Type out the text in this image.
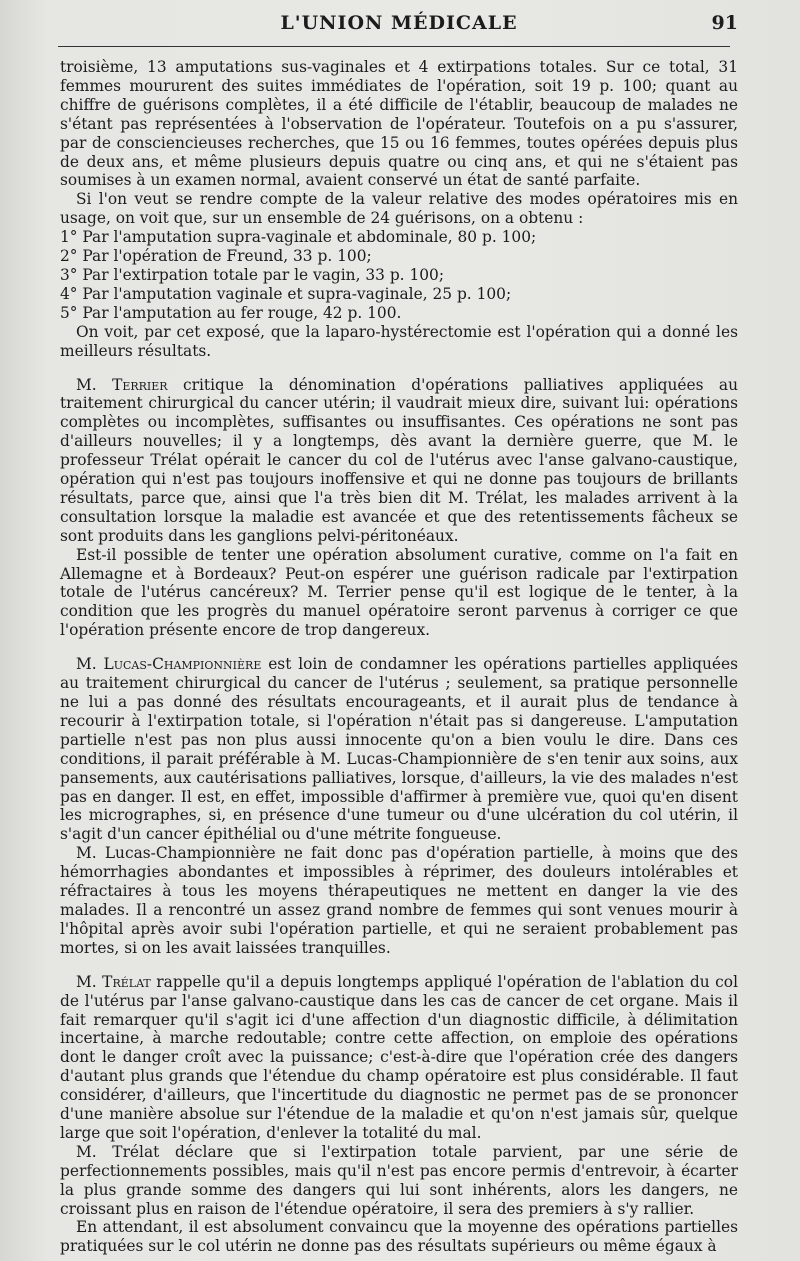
L'UNION MÉDICALE	91

troisième, 13 amputations sus-vaginales et 4 extirpations totales. Sur ce total, 31 femmes moururent des suites immédiates de l'opération, soit 19 p. 100; quant au chiffre de guérisons complètes, il a été difficile de l'établir, beaucoup de malades ne s'étant pas représentées à l'observation de l'opérateur. Toutefois on a pu s'assurer, par de consciencieuses recherches, que 15 ou 16 femmes, toutes opérées depuis plus de deux ans, et même plusieurs depuis quatre ou cinq ans, et qui ne s'étaient pas soumises à un examen normal, avaient conservé un état de santé parfaite.

Si l'on veut se rendre compte de la valeur relative des modes opératoires mis en usage, on voit que, sur un ensemble de 24 guérisons, on a obtenu :

1° Par l'amputation supra-vaginale et abdominale, 80 p. 100;

2° Par l'opération de Freund, 33 p. 100;

3° Par l'extirpation totale par le vagin, 33 p. 100;

4° Par l'amputation vaginale et supra-vaginale, 25 p. 100;

5° Par l'amputation au fer rouge, 42 p. 100.

On voit, par cet exposé, que la laparo-hystérectomie est l'opération qui a donné les meilleurs résultats.

M. Terrier critique la dénomination d'opérations palliatives appliquées au traitement chirurgical du cancer utérin; il vaudrait mieux dire, suivant lui: opérations complètes ou incomplètes, suffisantes ou insuffisantes. Ces opérations ne sont pas d'ailleurs nouvelles; il y a longtemps, dès avant la dernière guerre, que M. le professeur Trélat opérait le cancer du col de l'utérus avec l'anse galvano-caustique, opération qui n'est pas toujours inoffensive et qui ne donne pas toujours de brillants résultats, parce que, ainsi que l'a très bien dit M. Trélat, les malades arrivent à la consultation lorsque la maladie est avancée et que des retentissements fâcheux se sont produits dans les ganglions pelvi-péritonéaux.

Est-il possible de tenter une opération absolument curative, comme on l'a fait en Allemagne et à Bordeaux? Peut-on espérer une guérison radicale par l'extirpation totale de l'utérus cancéreux? M. Terrier pense qu'il est logique de le tenter, à la condition que les progrès du manuel opératoire seront parvenus à corriger ce que l'opération présente encore de trop dangereux.

M. Lucas-Championnière est loin de condamner les opérations partielles appliquées au traitement chirurgical du cancer de l'utérus ; seulement, sa pratique personnelle ne lui a pas donné des résultats encourageants, et il aurait plus de tendance à recourir à l'extirpation totale, si l'opération n'était pas si dangereuse. L'amputation partielle n'est pas non plus aussi innocente qu'on a bien voulu le dire. Dans ces conditions, il parait préférable à M. Lucas-Championnière de s'en tenir aux soins, aux pansements, aux cautérisations palliatives, lorsque, d'ailleurs, la vie des malades n'est pas en danger. Il est, en effet, impossible d'affirmer à première vue, quoi qu'en disent les micrographes, si, en présence d'une tumeur ou d'une ulcération du col utérin, il s'agit d'un cancer épithélial ou d'une métrite fongueuse.

M. Lucas-Championnière ne fait donc pas d'opération partielle, à moins que des hémorrhagies abondantes et impossibles à réprimer, des douleurs intolérables et réfractaires à tous les moyens thérapeutiques ne mettent en danger la vie des malades. Il a rencontré un assez grand nombre de femmes qui sont venues mourir à l'hôpital après avoir subi l'opération partielle, et qui ne seraient probablement pas mortes, si on les avait laissées tranquilles.

M. Trélat rappelle qu'il a depuis longtemps appliqué l'opération de l'ablation du col de l'utérus par l'anse galvano-caustique dans les cas de cancer de cet organe. Mais il fait remarquer qu'il s'agit ici d'une affection d'un diagnostic difficile, à délimitation incertaine, à marche redoutable; contre cette affection, on emploie des opérations dont le danger croît avec la puissance; c'est-à-dire que l'opération crée des dangers d'autant plus grands que l'étendue du champ opératoire est plus considérable. Il faut considérer, d'ailleurs, que l'incertitude du diagnostic ne permet pas de se prononcer d'une manière absolue sur l'étendue de la maladie et qu'on n'est jamais sûr, quelque large que soit l'opération, d'enlever la totalité du mal.

M. Trélat déclare que si l'extirpation totale parvient, par une série de perfectionnements possibles, mais qu'il n'est pas encore permis d'entrevoir, à écarter la plus grande somme des dangers qui lui sont inhérents, alors les dangers, ne croissant plus en raison de l'étendue opératoire, il sera des premiers à s'y rallier.

En attendant, il est absolument convaincu que la moyenne des opérations partielles pratiquées sur le col utérin ne donne pas des résultats supérieurs ou même égaux à
